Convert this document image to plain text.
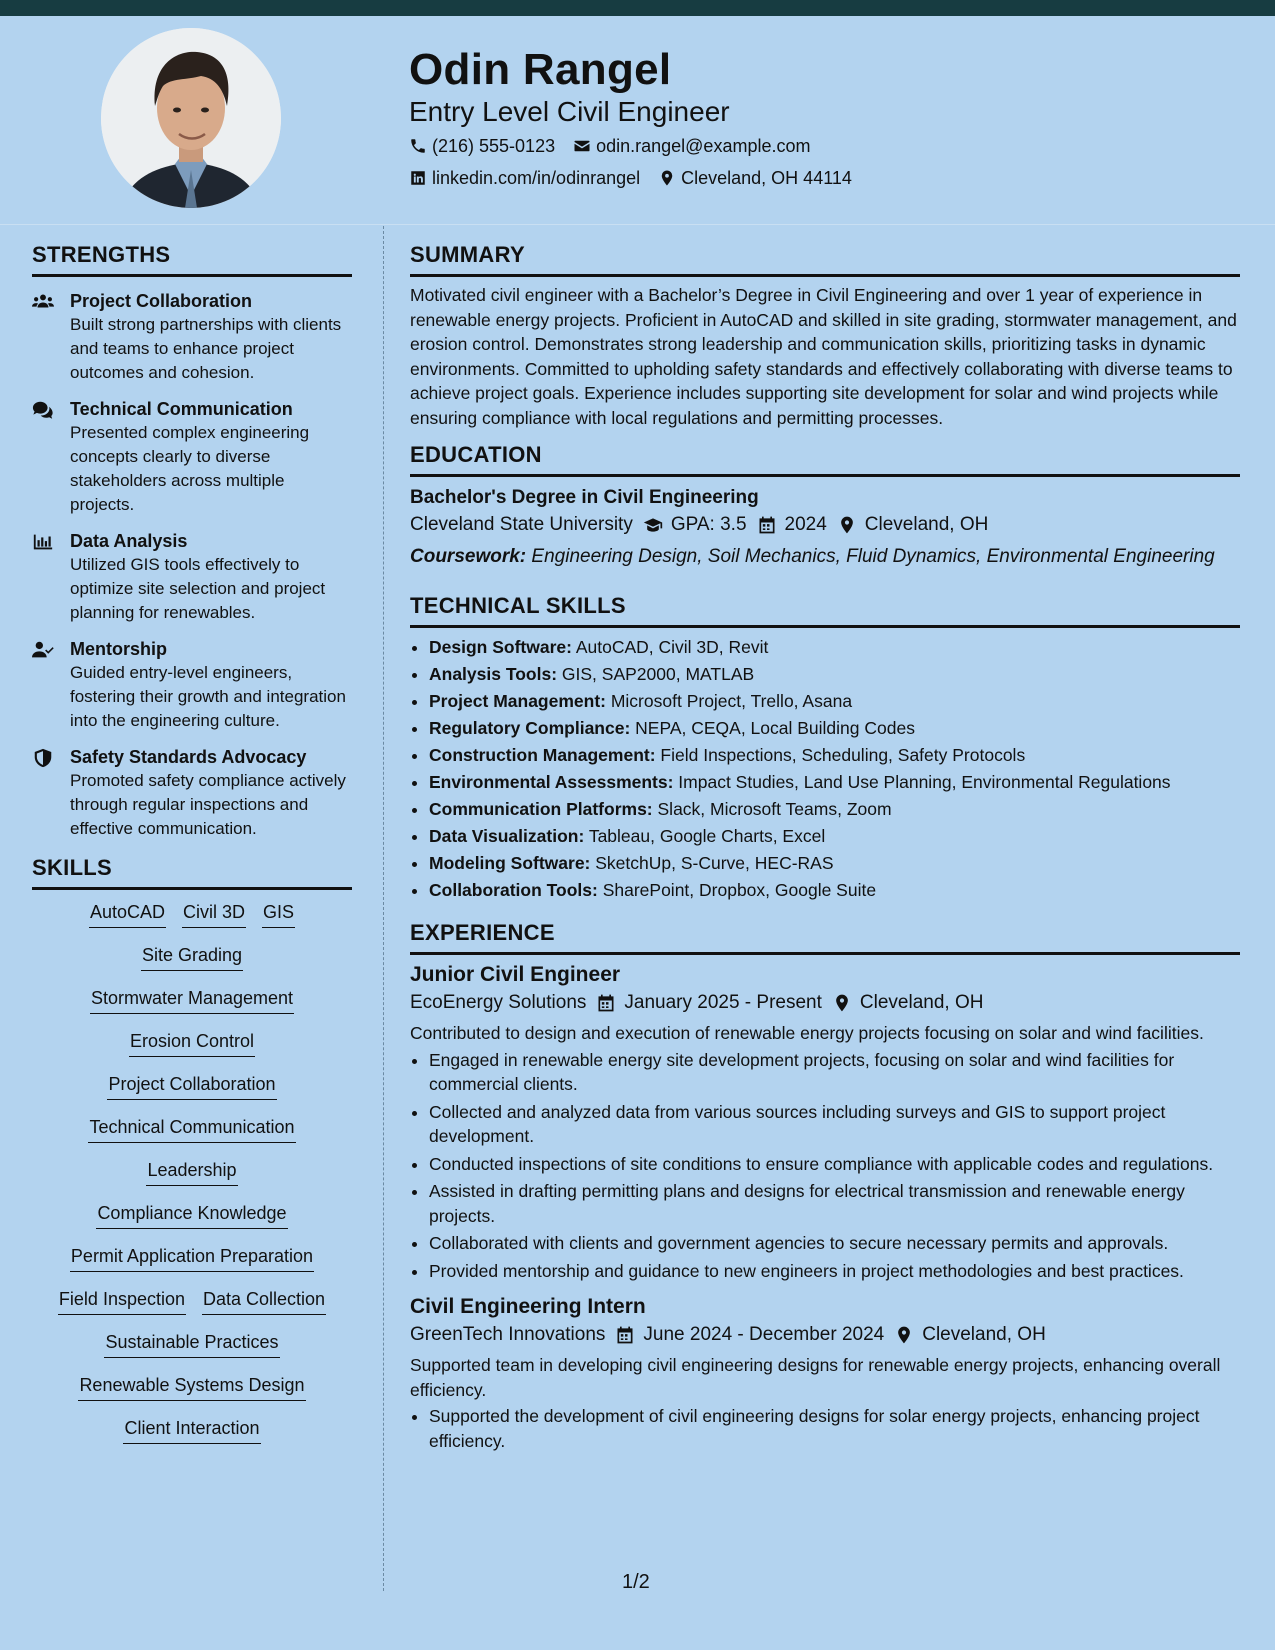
Odin Rangel
Entry Level Civil Engineer
(216) 555-0123 odin.rangel@example.com
linkedin.com/in/odinrangel Cleveland, OH 44114
STRENGTHS
Project Collaboration
Built strong partnerships with clients and teams to enhance project outcomes and cohesion.
Technical Communication
Presented complex engineering concepts clearly to diverse stakeholders across multiple projects.
Data Analysis
Utilized GIS tools effectively to optimize site selection and project planning for renewables.
Mentorship
Guided entry-level engineers, fostering their growth and integration into the engineering culture.
Safety Standards Advocacy
Promoted safety compliance actively through regular inspections and effective communication.
SKILLS
AutoCAD Civil 3D GIS
Site Grading
Stormwater Management
Erosion Control
Project Collaboration
Technical Communication
Leadership
Compliance Knowledge
Permit Application Preparation
Field Inspection Data Collection
Sustainable Practices
Renewable Systems Design
Client Interaction
SUMMARY

Motivated civil engineer with a Bachelor’s Degree in Civil Engineering and over 1 year of experience in renewable energy projects. Proficient in AutoCAD and skilled in site grading, stormwater management, and erosion control. Demonstrates strong leadership and communication skills, prioritizing tasks in dynamic environments. Committed to upholding safety standards and effectively collaborating with diverse teams to achieve project goals. Experience includes supporting site development for solar and wind projects while ensuring compliance with local regulations and permitting processes.

EDUCATION
Bachelor's Degree in Civil Engineering
Cleveland State University GPA: 3.5 2024 Cleveland, OH
Coursework: Engineering Design, Soil Mechanics, Fluid Dynamics, Environmental Engineering
TECHNICAL SKILLS
• Design Software: AutoCAD, Civil 3D, Revit
• Analysis Tools: GIS, SAP2000, MATLAB
• Project Management: Microsoft Project, Trello, Asana
• Regulatory Compliance: NEPA, CEQA, Local Building Codes
• Construction Management: Field Inspections, Scheduling, Safety Protocols
• Environmental Assessments: Impact Studies, Land Use Planning, Environmental Regulations
• Communication Platforms: Slack, Microsoft Teams, Zoom
• Data Visualization: Tableau, Google Charts, Excel
• Modeling Software: SketchUp, S-Curve, HEC-RAS
• Collaboration Tools: SharePoint, Dropbox, Google Suite
EXPERIENCE
Junior Civil Engineer
EcoEnergy Solutions January 2025 - Present Cleveland, OH
Contributed to design and execution of renewable energy projects focusing on solar and wind facilities.
• Engaged in renewable energy site development projects, focusing on solar and wind facilities for commercial clients.
• Collected and analyzed data from various sources including surveys and GIS to support project development.
• Conducted inspections of site conditions to ensure compliance with applicable codes and regulations.
• Assisted in drafting permitting plans and designs for electrical transmission and renewable energy projects.
• Collaborated with clients and government agencies to secure necessary permits and approvals.
• Provided mentorship and guidance to new engineers in project methodologies and best practices.
Civil Engineering Intern
GreenTech Innovations June 2024 - December 2024 Cleveland, OH
Supported team in developing civil engineering designs for renewable energy projects, enhancing overall efficiency.
• Supported the development of civil engineering designs for solar energy projects, enhancing project efficiency.
1/2
